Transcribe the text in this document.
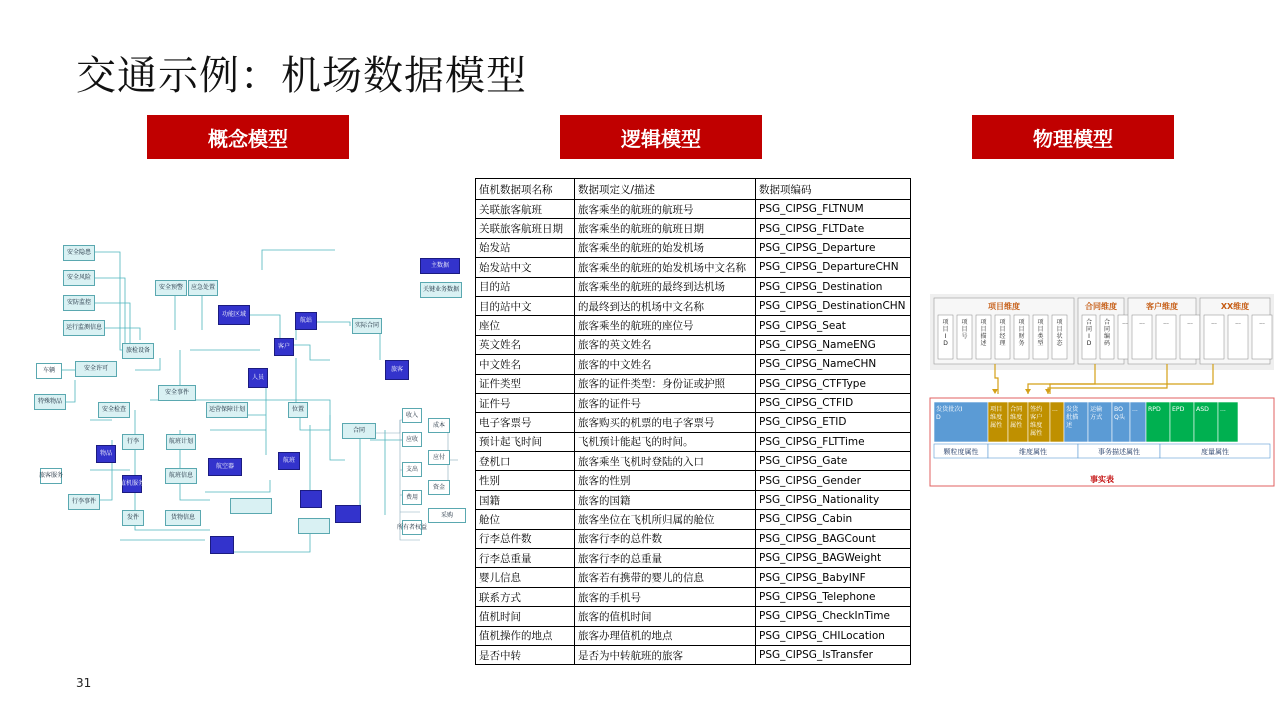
交通示例：机场数据模型
概念模型	逻辑模型	物理模型
安全隐患
安全风险
安防监控
运行监测信息
车辆	安全许可
特殊物品
旅检设备
安全预警	应急处置
功能区域
航站
实际合同
客户
安全事件
人员
旅客
运营保障计划	位置
合同
安全检查
行李	航班计划
航班信息
航空器
航班
物品
值机服务
旅客服务
行李事件
发件	货物信息
收入
应收
支出
费用
成本
应付
资金
所有者权益
采购
主数据
关键业务数据
值机数据项名称	数据项定义/描述	数据项编码
关联旅客航班	旅客乘坐的航班的航班号	PSG_CIPSG_FLTNUM
关联旅客航班日期	旅客乘坐的航班的航班日期	PSG_CIPSG_FLTDate
始发站	旅客乘坐的航班的始发机场	PSG_CIPSG_Departure
始发站中文	旅客乘坐的航班的始发机场中文名称	PSG_CIPSG_DepartureCHN
目的站	旅客乘坐的航班的最终到达机场	PSG_CIPSG_Destination
目的站中文	的最终到达的机场中文名称	PSG_CIPSG_DestinationCHN
座位	旅客乘坐的航班的座位号	PSG_CIPSG_Seat
英文姓名	旅客的英文姓名	PSG_CIPSG_NameENG
中文姓名	旅客的中文姓名	PSG_CIPSG_NameCHN
证件类型	旅客的证件类型：身份证或护照	PSG_CIPSG_CTFType
证件号	旅客的证件号	PSG_CIPSG_CTFID
电子客票号	旅客购买的机票的电子客票号	PSG_CIPSG_ETID
预计起飞时间	飞机预计能起飞的时间。	PSG_CIPSG_FLTTime
登机口	旅客乘坐飞机时登陆的入口	PSG_CIPSG_Gate
性别	旅客的性别	PSG_CIPSG_Gender
国籍	旅客的国籍	PSG_CIPSG_Nationality
舱位	旅客坐位在飞机所归属的舱位	PSG_CIPSG_Cabin
行李总件数	旅客行李的总件数	PSG_CIPSG_BAGCount
行李总重量	旅客行李的总重量	PSG_CIPSG_BAGWeight
婴儿信息	旅客若有携带的婴儿的信息	PSG_CIPSG_BabyINF
联系方式	旅客的手机号	PSG_CIPSG_Telephone
值机时间	旅客的值机时间	PSG_CIPSG_CheckInTime
值机操作的地点	旅客办理值机的地点	PSG_CIPSG_CHILocation
是否中转	是否为中转航班的旅客	PSG_CIPSG_IsTransfer
项目维度
项目 I D
项目号
项目描述
项目经理
项目财务
项目类型
项目状态
合同维度
合同 I D
合同编码
...
客户维度
...	...	...
XX维度
...	...	...
发货批次I D
项目维度属性
合同维度属性
签约客户维度属性
... 发货批描述
运输方式
BO Q头
... RPD EPD ASD ...
颗粒度属性	维度属性	事务描述属性	度量属性
事实表
31
